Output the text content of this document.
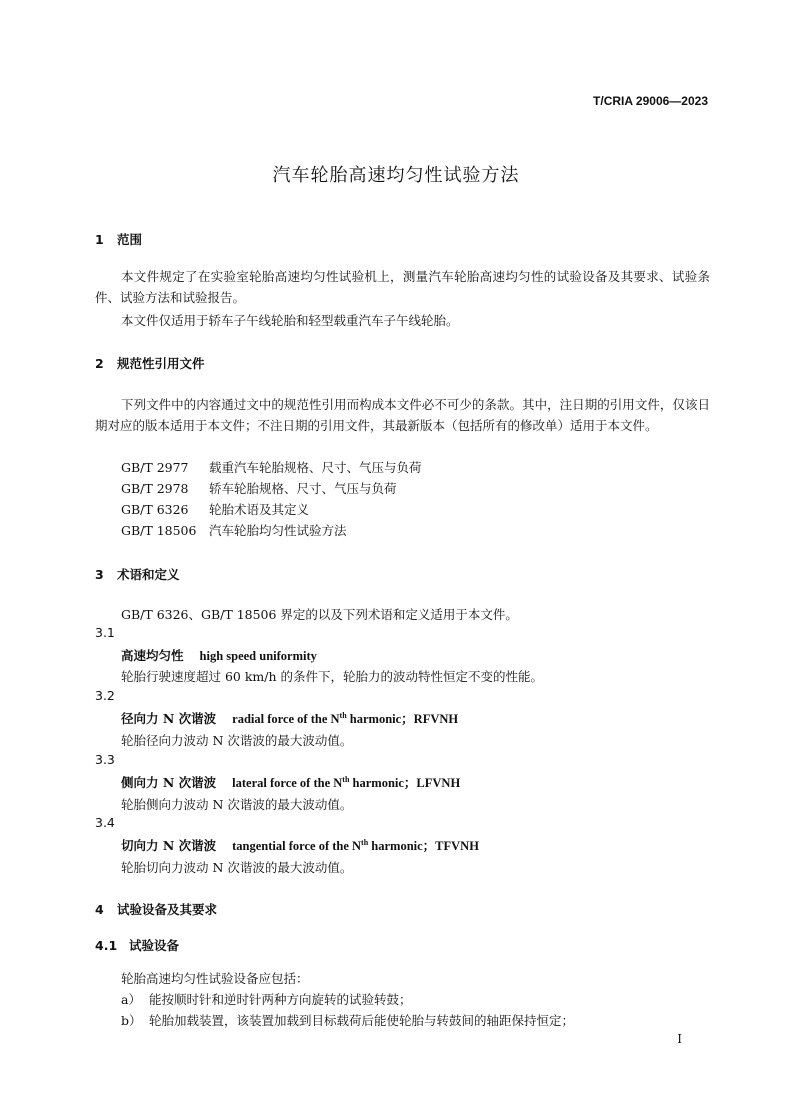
T/CRIA 29006—2023
汽车轮胎高速均匀性试验方法
1 范围
本文件规定了在实验室轮胎高速均匀性试验机上，测量汽车轮胎高速均匀性的试验设备及其要求、试验条件、试验方法和试验报告。
本文件仅适用于轿车子午线轮胎和轻型载重汽车子午线轮胎。
2 规范性引用文件
下列文件中的内容通过文中的规范性引用而构成本文件必不可少的条款。其中，注日期的引用文件，仅该日期对应的版本适用于本文件；不注日期的引用文件，其最新版本（包括所有的修改单）适用于本文件。
GB/T 2977 载重汽车轮胎规格、尺寸、气压与负荷
GB/T 2978 轿车轮胎规格、尺寸、气压与负荷
GB/T 6326 轮胎术语及其定义
GB/T 18506 汽车轮胎均匀性试验方法
3 术语和定义
GB/T 6326、GB/T 18506 界定的以及下列术语和定义适用于本文件。
3.1
高速均匀性 high speed uniformity
轮胎行驶速度超过 60 km/h 的条件下，轮胎力的波动特性恒定不变的性能。
3.2
径向力 N 次谐波 radial force of the $N^{th}$ harmonic；RFVNH
轮胎径向力波动 N 次谐波的最大波动值。
3.3
侧向力 N 次谐波 lateral force of the $N^{th}$ harmonic；LFVNH
轮胎侧向力波动 N 次谐波的最大波动值。
3.4
切向力 N 次谐波 tangential force of the $N^{th}$ harmonic；TFVNH
轮胎切向力波动 N 次谐波的最大波动值。
4 试验设备及其要求
4.1 试验设备
轮胎高速均匀性试验设备应包括：
a） 能按顺时针和逆时针两种方向旋转的试验转鼓；
b） 轮胎加载装置，该装置加载到目标载荷后能使轮胎与转鼓间的轴距保持恒定；
I
